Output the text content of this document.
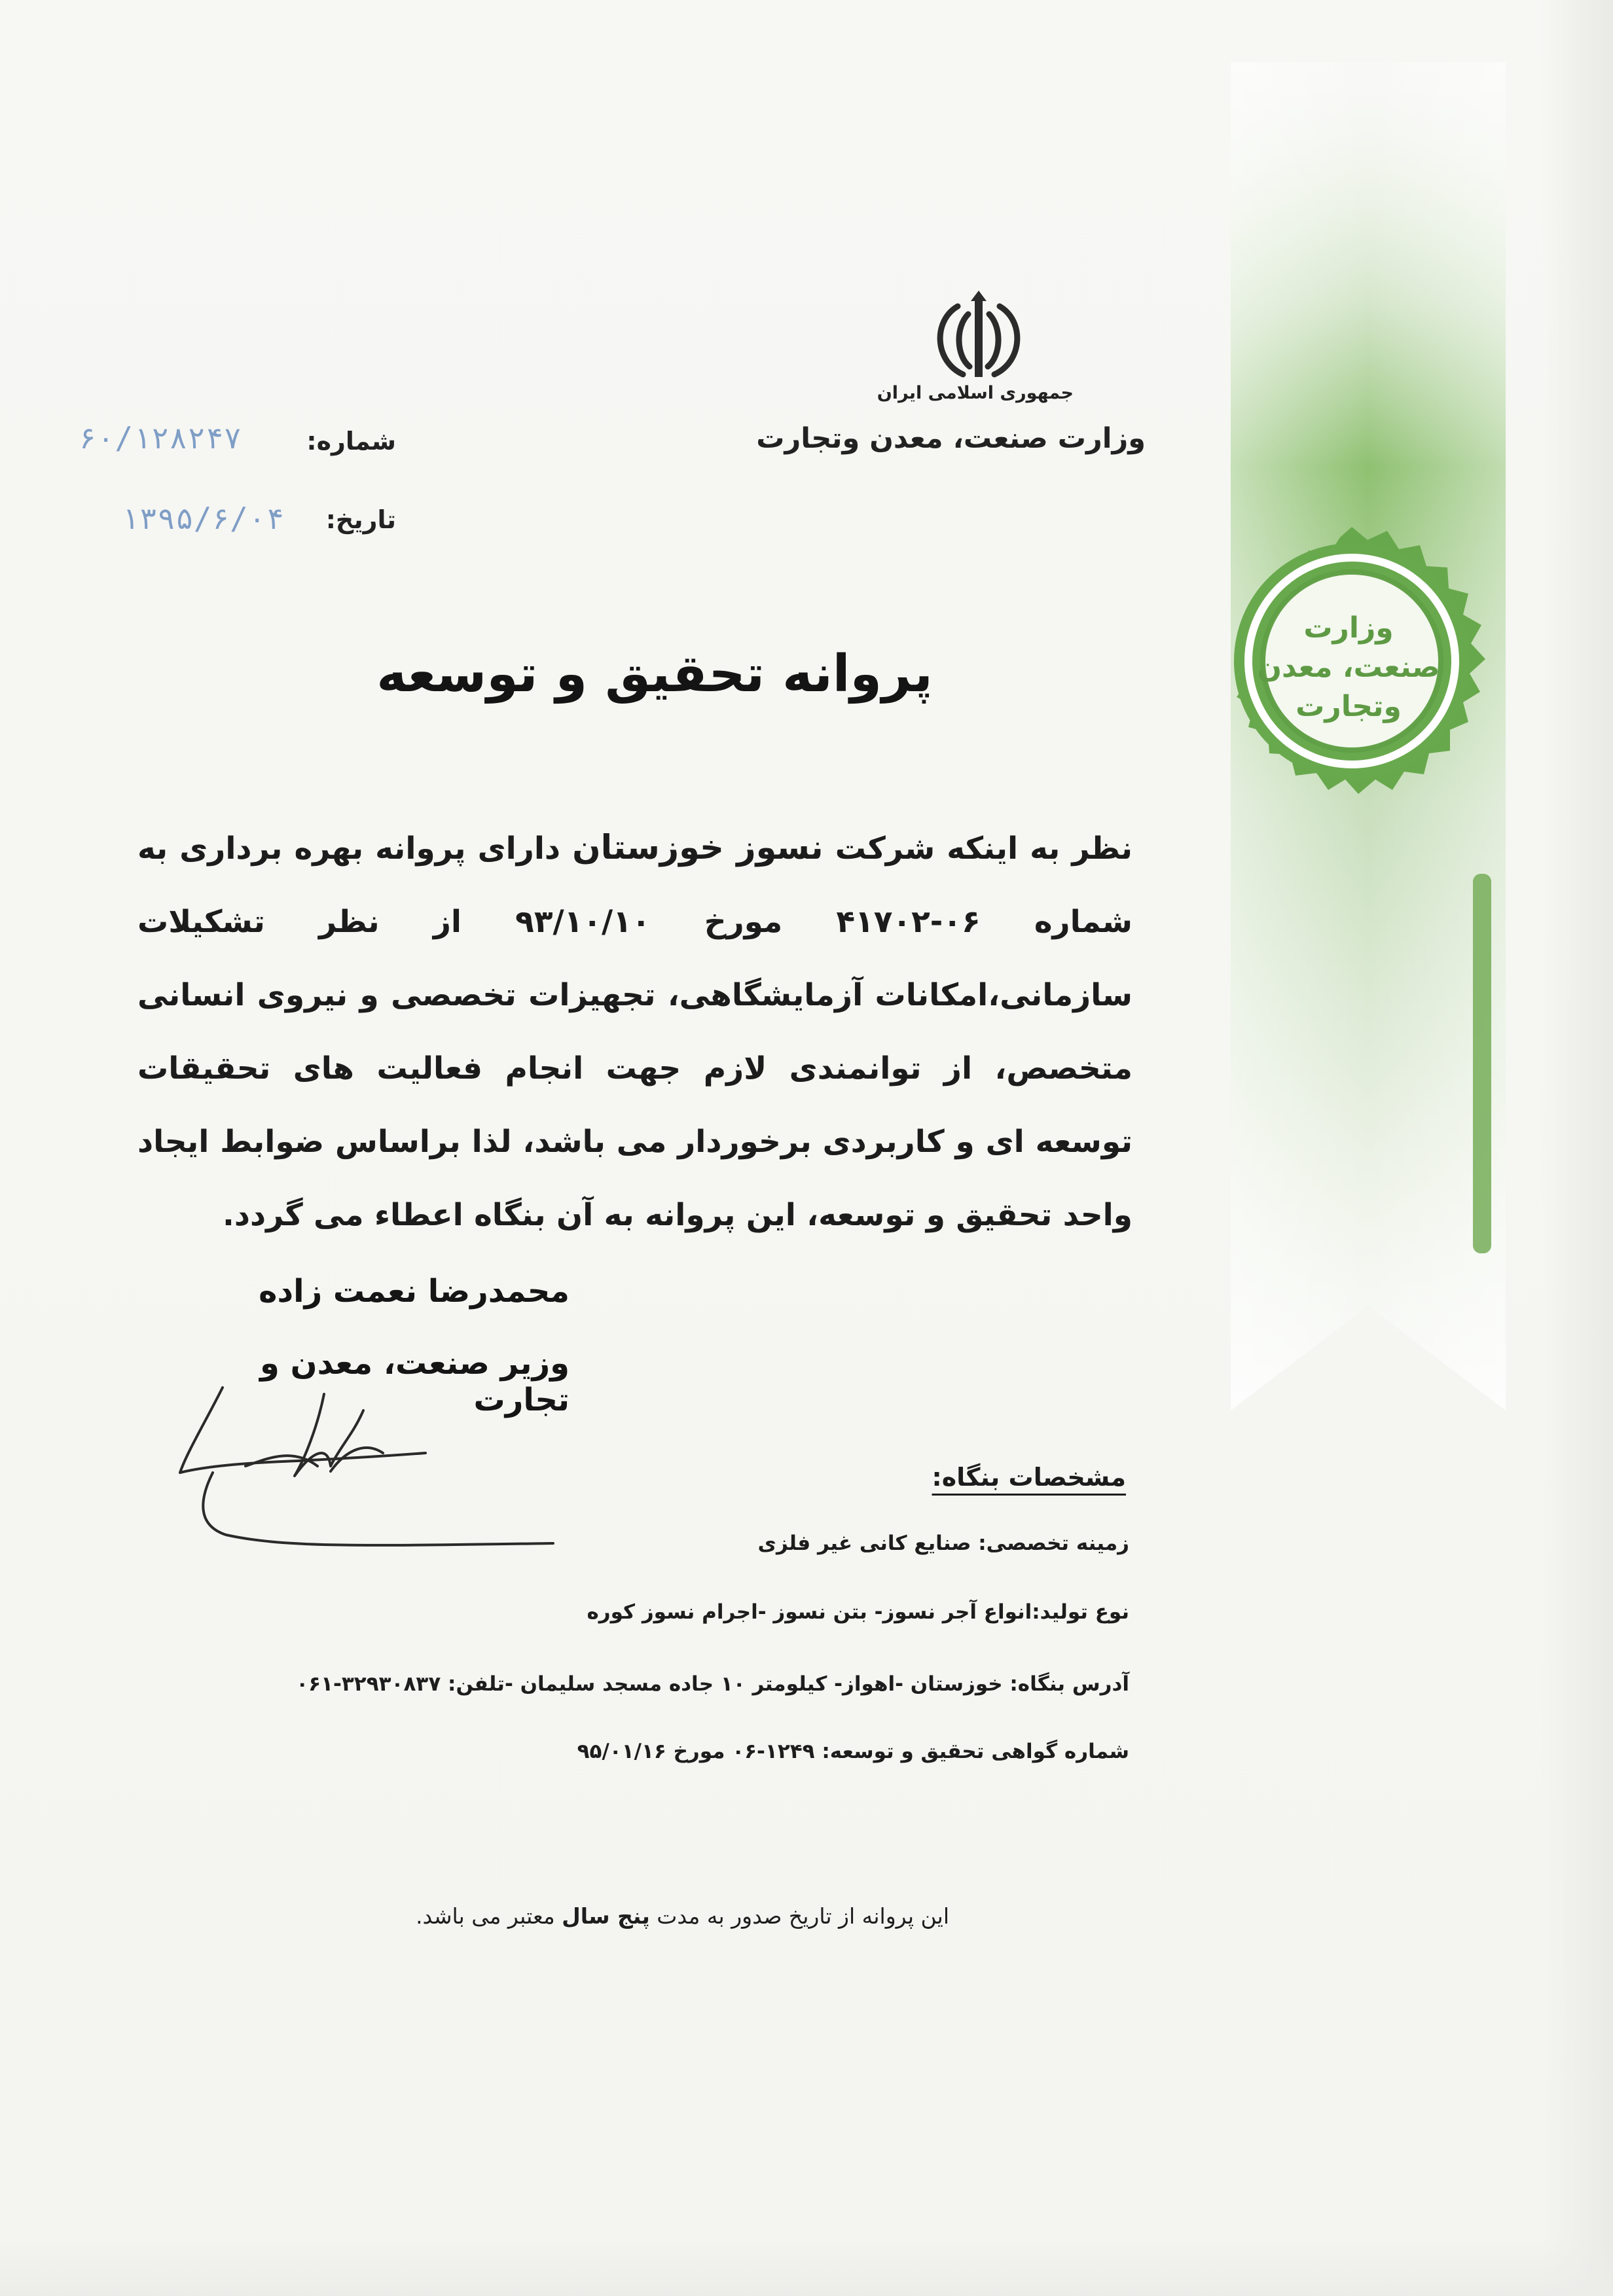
وزارت
صنعت، معدن
وتجارت
جمهوری اسلامی ایران
وزارت صنعت، معدن وتجارت
شماره:
۶۰/۱۲۸۲۴۷
تاریخ:
۱۳۹۵/۶/۰۴
پروانه تحقیق و توسعه
نظر به اینکه شرکت نسوز خوزستان دارای پروانه بهره برداری به شماره ۰۶-۴۱۷۰۲ مورخ ۹۳/۱۰/۱۰ از نظر تشکیلات سازمانی،امکانات آزمایشگاهی، تجهیزات تخصصی و نیروی انسانی متخصص، از توانمندی لازم جهت انجام فعالیت های تحقیقات توسعه ای و کاربردی برخوردار می باشد، لذا براساس ضوابط ایجاد واحد تحقیق و توسعه، این پروانه به آن بنگاه اعطاء می گردد.
محمدرضا نعمت زاده
وزیر صنعت، معدن و تجارت
مشخصات بنگاه:
زمینه تخصصی: صنایع کانی غیر فلزی
نوع تولید:انواع آجر نسوز- بتن نسوز -اجرام نسوز کوره
آدرس بنگاه: خوزستان -اهواز- کیلومتر ۱۰ جاده مسجد سلیمان -تلفن: ۳۲۹۳۰۸۳۷-۰۶۱
شماره گواهی تحقیق و توسعه: ۱۲۴۹-۰۶ مورخ ۹۵/۰۱/۱۶
این پروانه از تاریخ صدور به مدت پنج سال معتبر می باشد.
